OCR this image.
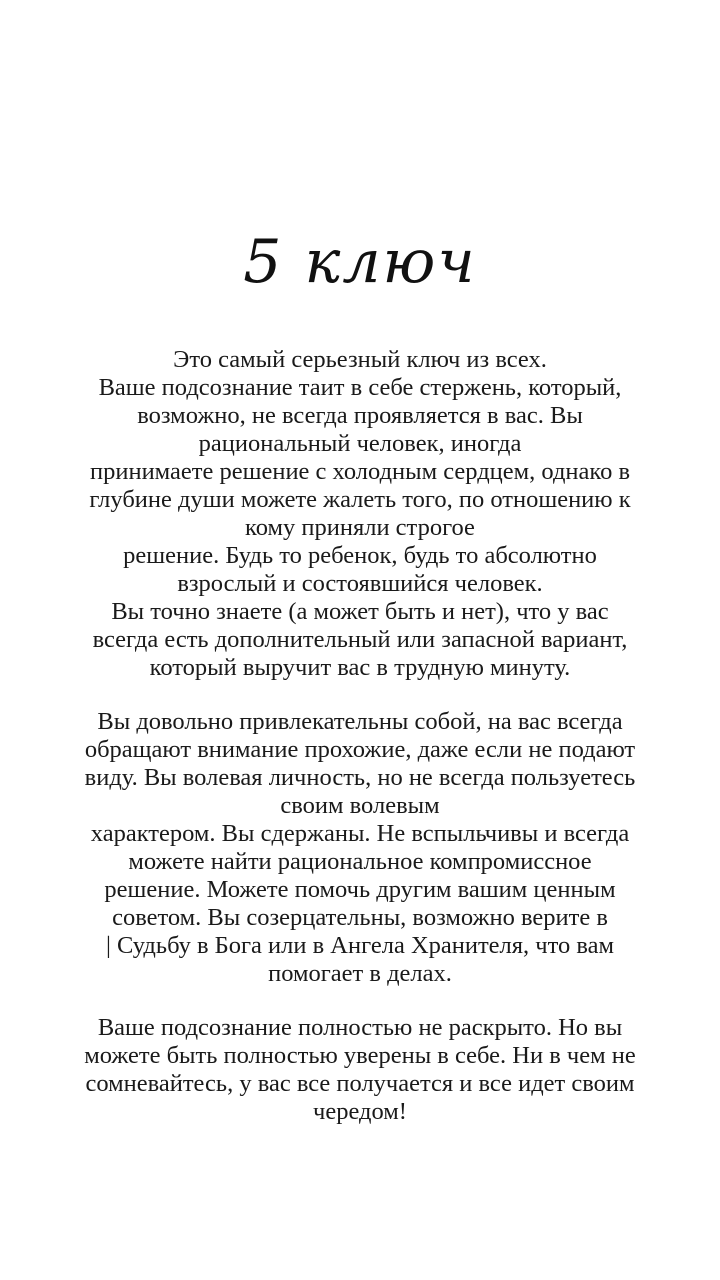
5 ключ

Это самый серьезный ключ из всех.
Ваше подсознание таит в себе стержень, который,
возможно, не всегда проявляется в вас. Вы
рациональный человек, иногда
принимаете решение с холодным сердцем, однако в
глубине души можете жалеть того, по отношению к
кому приняли строгое
решение. Будь то ребенок, будь то абсолютно
взрослый и состоявшийся человек.
Вы точно знаете (а может быть и нет), что у вас
всегда есть дополнительный или запасной вариант,
который выручит вас в трудную минуту.

Вы довольно привлекательны собой, на вас всегда
обращают внимание прохожие, даже если не подают
виду. Вы волевая личность, но не всегда пользуетесь
своим волевым
характером. Вы сдержаны. Не вспыльчивы и всегда
можете найти рациональное компромиссное
решение. Можете помочь другим вашим ценным
советом. Вы созерцательны, возможно верите в
| Судьбу в Бога или в Ангела Хранителя, что вам
помогает в делах.

Ваше подсознание полностью не раскрыто. Но вы
можете быть полностью уверены в себе. Ни в чем не
сомневайтесь, у вас все получается и все идет своим
чередом!
